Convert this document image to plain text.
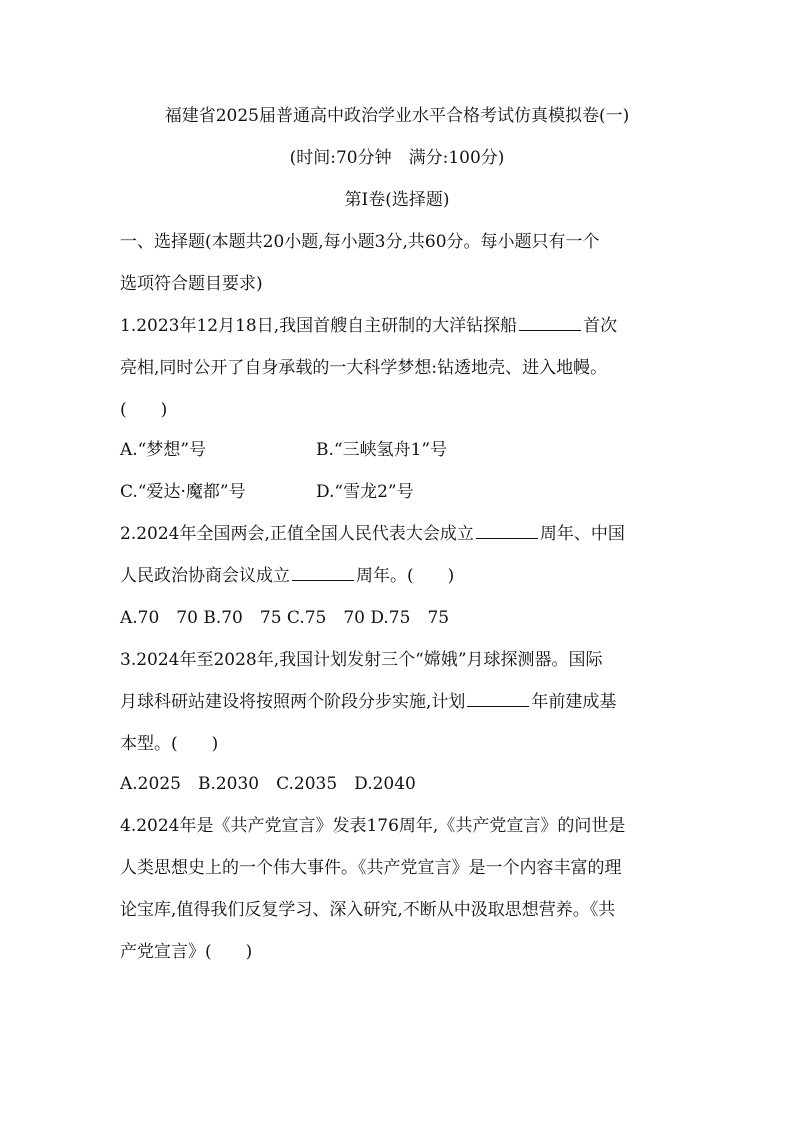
福建省2025届普通高中政治学业水平合格考试仿真模拟卷(一)
(时间:70分钟　满分:100分)
第Ⅰ卷(选择题)
一、选择题(本题共20小题,每小题3分,共60分。每小题只有一个
选项符合题目要求)
1.2023年12月18日,我国首艘自主研制的大洋钻探船	首次
亮相,同时公开了自身承载的一大科学梦想:钻透地壳、进入地幔。
(　　)
A.“梦想”号	B.“三峡氢舟1”号
C.“爱达·魔都”号	D.“雪龙2”号
2.2024年全国两会,正值全国人民代表大会成立	周年、中国
人民政治协商会议成立	周年。(　　)
A.70　70 B.70　75 C.75　70 D.75　75
3.2024年至2028年,我国计划发射三个“嫦娥”月球探测器。国际
月球科研站建设将按照两个阶段分步实施,计划	年前建成基
本型。(　　)
A.2025　B.2030　C.2035　D.2040
4.2024年是《共产党宣言》发表176周年,《共产党宣言》的问世是
人类思想史上的一个伟大事件。《共产党宣言》是一个内容丰富的理
论宝库,值得我们反复学习、深入研究,不断从中汲取思想营养。《共
产党宣言》(　　)
